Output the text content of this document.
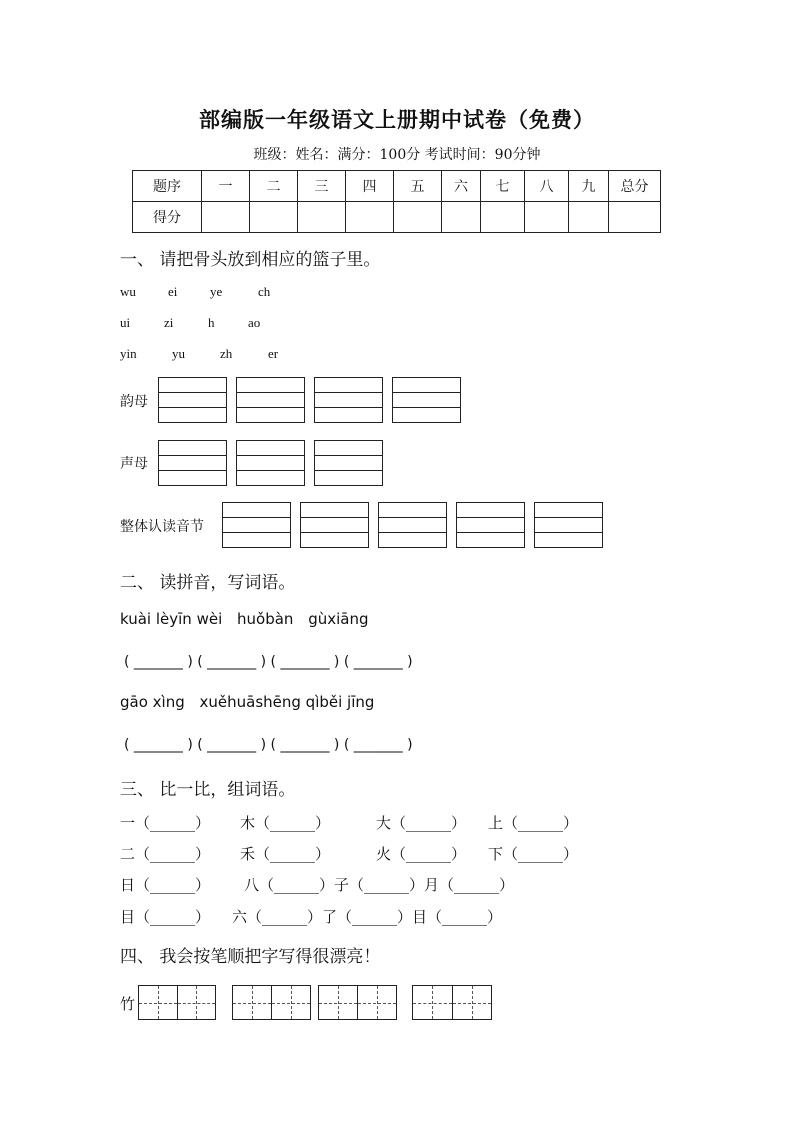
部编版一年级语文上册期中试卷（免费）
班级：姓名：满分：100分 考试时间：90分钟
题序	一	二	三	四	五	六	七	八	九	总分
得分										
一、 请把骨头放到相应的篮子里。
wu ei	ye	ch
ui	zi	h	ao
yin	yu	zh	er
韵母
声母
整体认读音节
二、 读拼音，写词语。
kuài lèyīn wèi huǒbàn gùxiāng
( _______ ) ( _______ ) ( _______ ) ( _______ )
gāo xìng xuěhuāshēng qìběi jīng
( _______ ) ( _______ ) ( _______ ) ( _______ )
三、 比一比，组词语。
一（______） 木（______）	大（______） 上（______）
二（______） 禾（______）	火（______） 下（______）
日（______） 八（______）子（______）月（______）
目（______） 六（______）了（______）目（______）
四、 我会按笔顺把字写得很漂亮！
竹
